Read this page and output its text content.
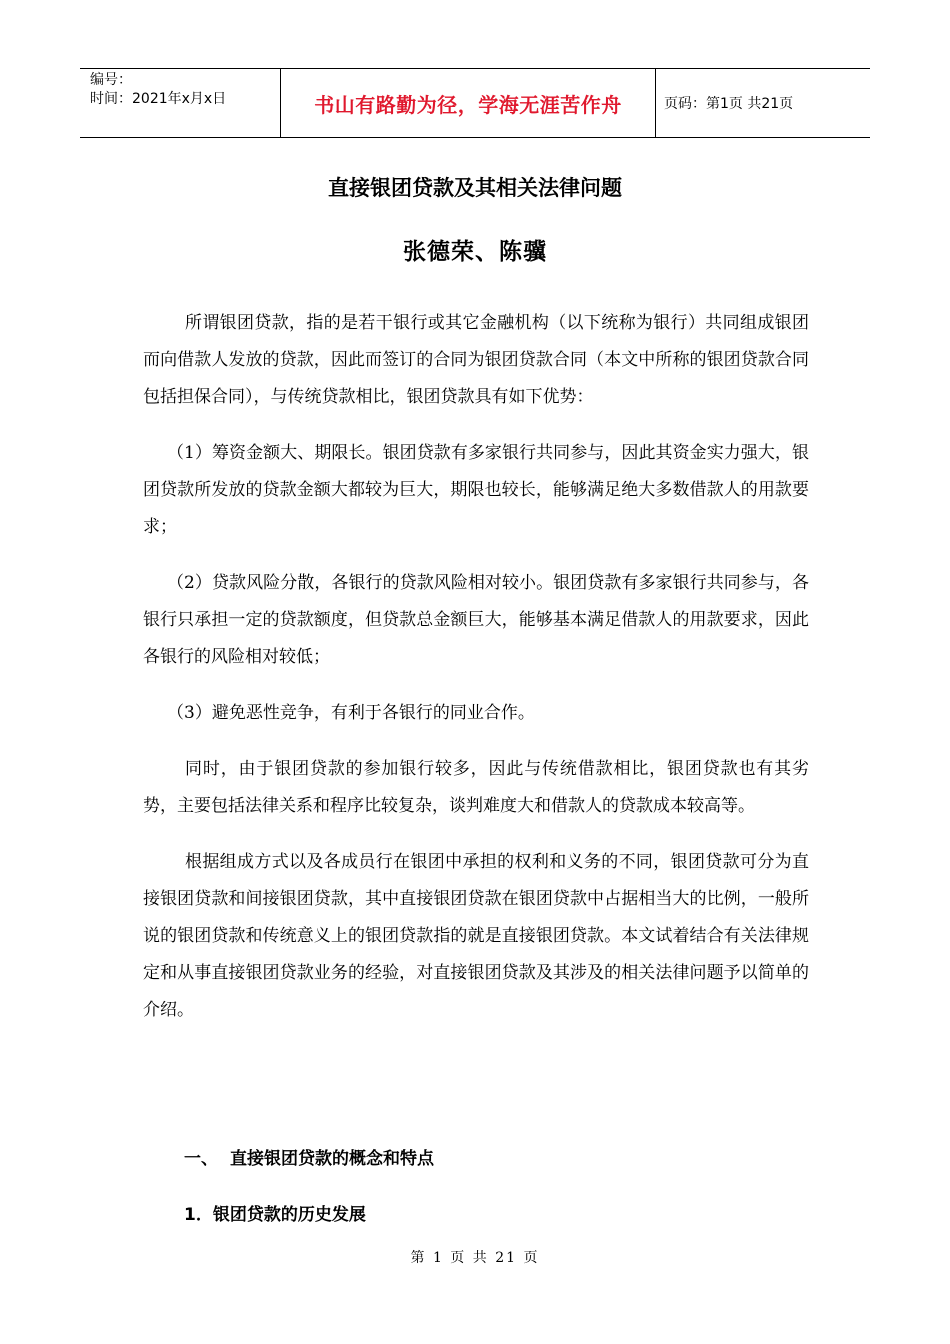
编号：
时间：2021年x月x日	书山有路勤为径，学海无涯苦作舟	页码：第1页 共21页
直接银团贷款及其相关法律问题
张德荣、陈骥

所谓银团贷款，指的是若干银行或其它金融机构（以下统称为银行）共同组成银团而向借款人发放的贷款，因此而签订的合同为银团贷款合同（本文中所称的银团贷款合同包括担保合同），与传统贷款相比，银团贷款具有如下优势：

（1）筹资金额大、期限长。银团贷款有多家银行共同参与，因此其资金实力强大，银团贷款所发放的贷款金额大都较为巨大，期限也较长，能够满足绝大多数借款人的用款要求；

（2）贷款风险分散，各银行的贷款风险相对较小。银团贷款有多家银行共同参与，各银行只承担一定的贷款额度，但贷款总金额巨大，能够基本满足借款人的用款要求，因此各银行的风险相对较低；

（3）避免恶性竞争，有利于各银行的同业合作。

同时，由于银团贷款的参加银行较多，因此与传统借款相比，银团贷款也有其劣势，主要包括法律关系和程序比较复杂，谈判难度大和借款人的贷款成本较高等。

根据组成方式以及各成员行在银团中承担的权利和义务的不同，银团贷款可分为直接银团贷款和间接银团贷款，其中直接银团贷款在银团贷款中占据相当大的比例，一般所说的银团贷款和传统意义上的银团贷款指的就是直接银团贷款。本文试着结合有关法律规定和从事直接银团贷款业务的经验，对直接银团贷款及其涉及的相关法律问题予以简单的介绍。

一、 直接银团贷款的概念和特点
1．银团贷款的历史发展
第 1 页 共 21 页
